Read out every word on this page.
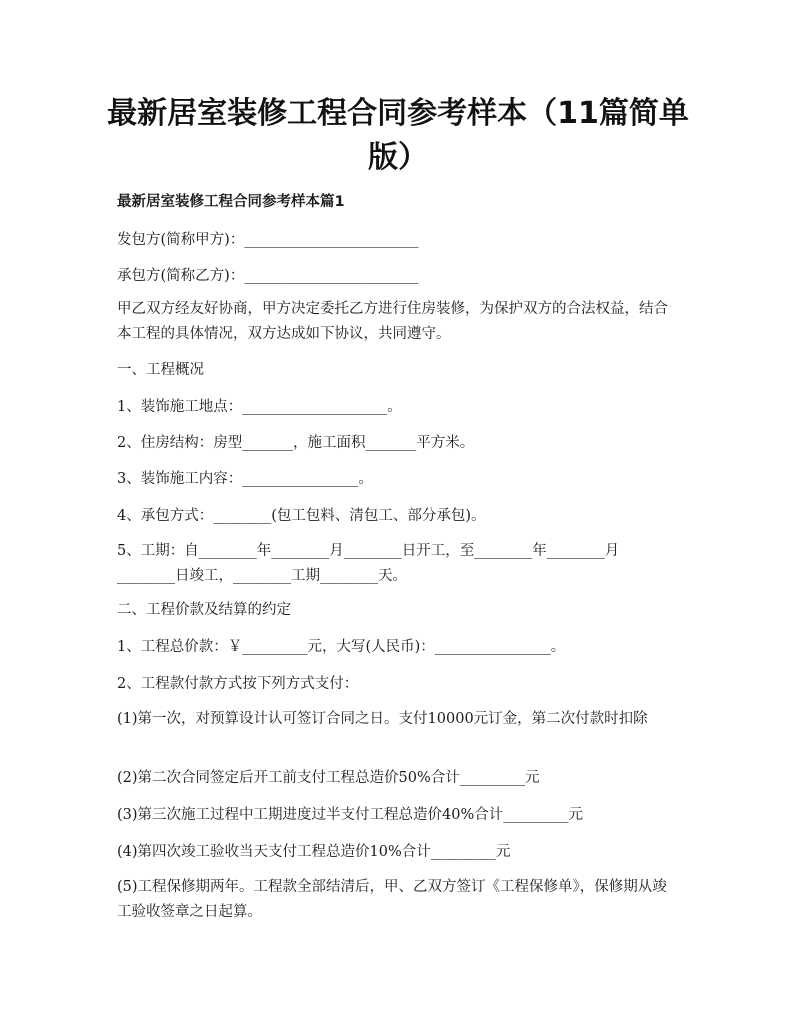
最新居室装修工程合同参考样本（11篇简单版）

最新居室装修工程合同参考样本篇1

发包方(简称甲方)：________________________

承包方(简称乙方)：________________________

甲乙双方经友好协商，甲方决定委托乙方进行住房装修，为保护双方的合法权益，结合本工程的具体情况，双方达成如下协议，共同遵守。

一、工程概况

1、装饰施工地点：____________________。

2、住房结构：房型_______，施工面积_______平方米。

3、装饰施工内容：________________。

4、承包方式：________(包工包料、清包工、部分承包)。

5、工期：自________年________月________日开工，至________年________月________日竣工，________工期________天。

二、工程价款及结算的约定

1、工程总价款：￥_________元，大写(人民币)：________________。

2、工程款付款方式按下列方式支付：

(1)第一次，对预算设计认可签订合同之日。支付10000元订金，第二次付款时扣除

(2)第二次合同签定后开工前支付工程总造价50%合计_________元

(3)第三次施工过程中工期进度过半支付工程总造价40%合计_________元

(4)第四次竣工验收当天支付工程总造价10%合计_________元

(5)工程保修期两年。工程款全部结清后，甲、乙双方签订《工程保修单》，保修期从竣工验收签章之日起算。
